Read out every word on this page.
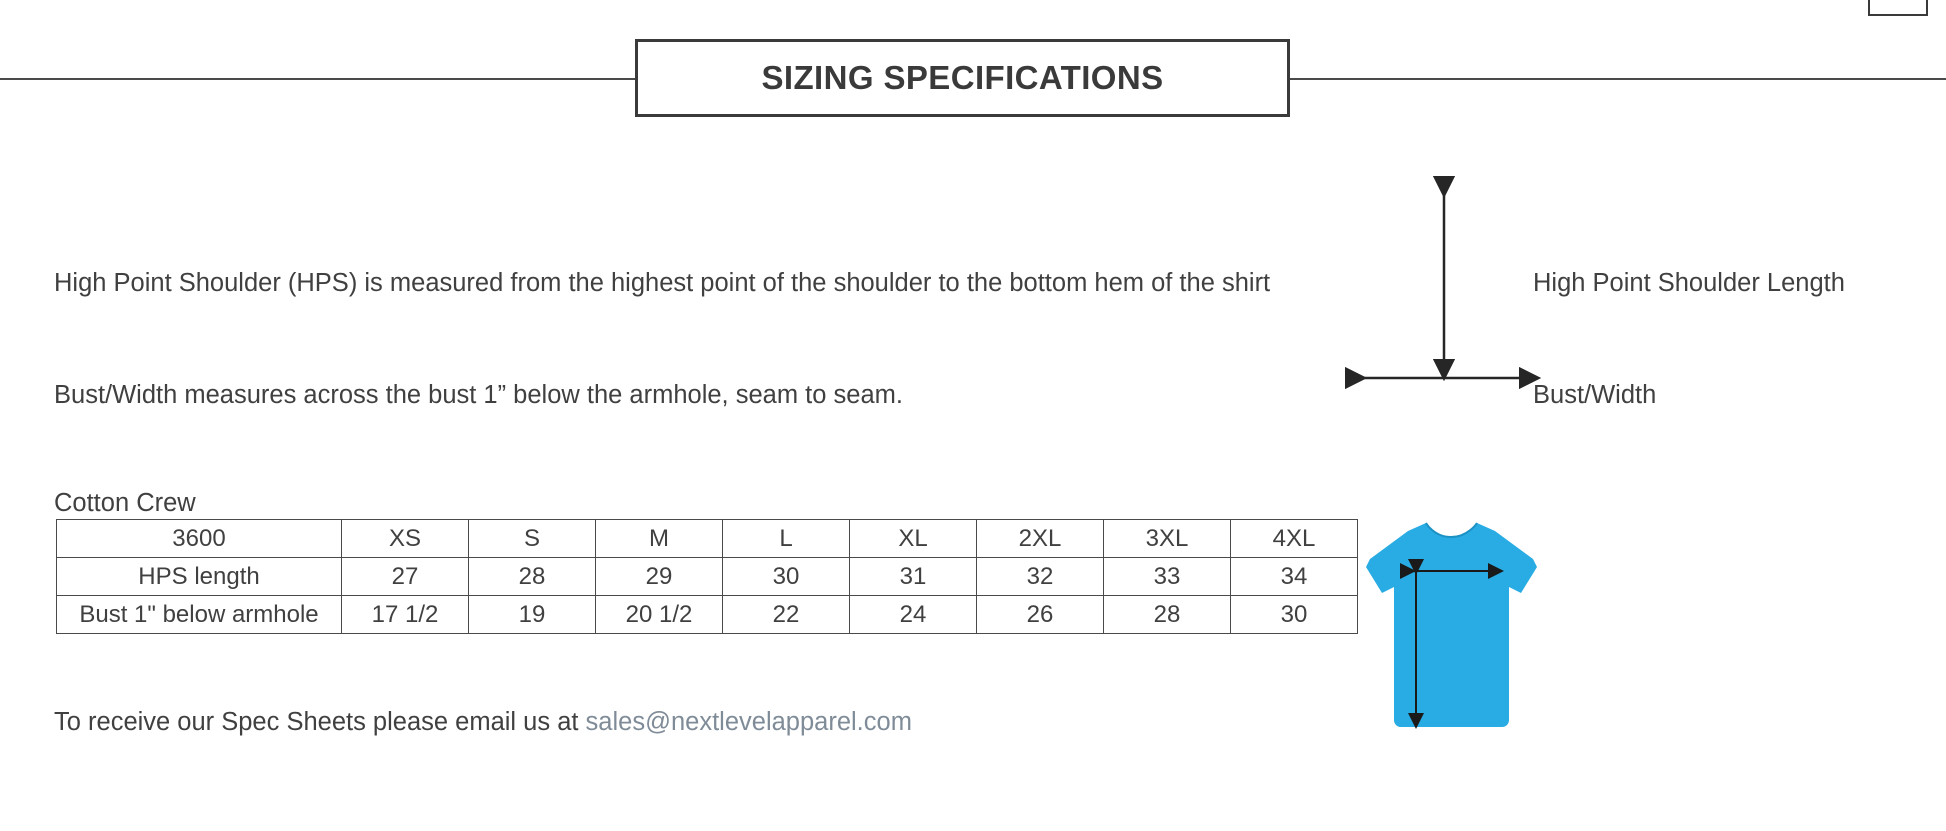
SIZING SPECIFICATIONS
High Point Shoulder (HPS) is measured from the highest point of the shoulder to the bottom hem of the shirt
Bust/Width measures across the bust 1” below the armhole, seam to seam.
Cotton Crew
3600	XS	S	M	L	XL	2XL	3XL	4XL
HPS length	27	28	29	30	31	32	33	34
Bust 1" below armhole	17 1/2	19	20 1/2	22	24	26	28	30
To receive our Spec Sheets please email us at sales@nextlevelapparel.com
High Point Shoulder Length
Bust/Width
